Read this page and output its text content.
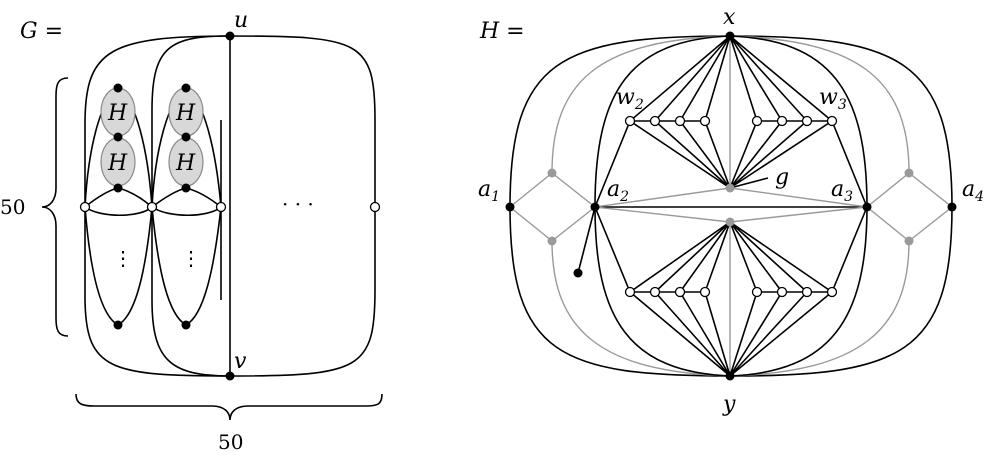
G =
H
H
H
H
u
v
⋮ ⋮
· · ·
50
50
H =
x
y
g
$a_1$	$a_2$	$a_3$	$a_4$
$w_2$	$w_3$
